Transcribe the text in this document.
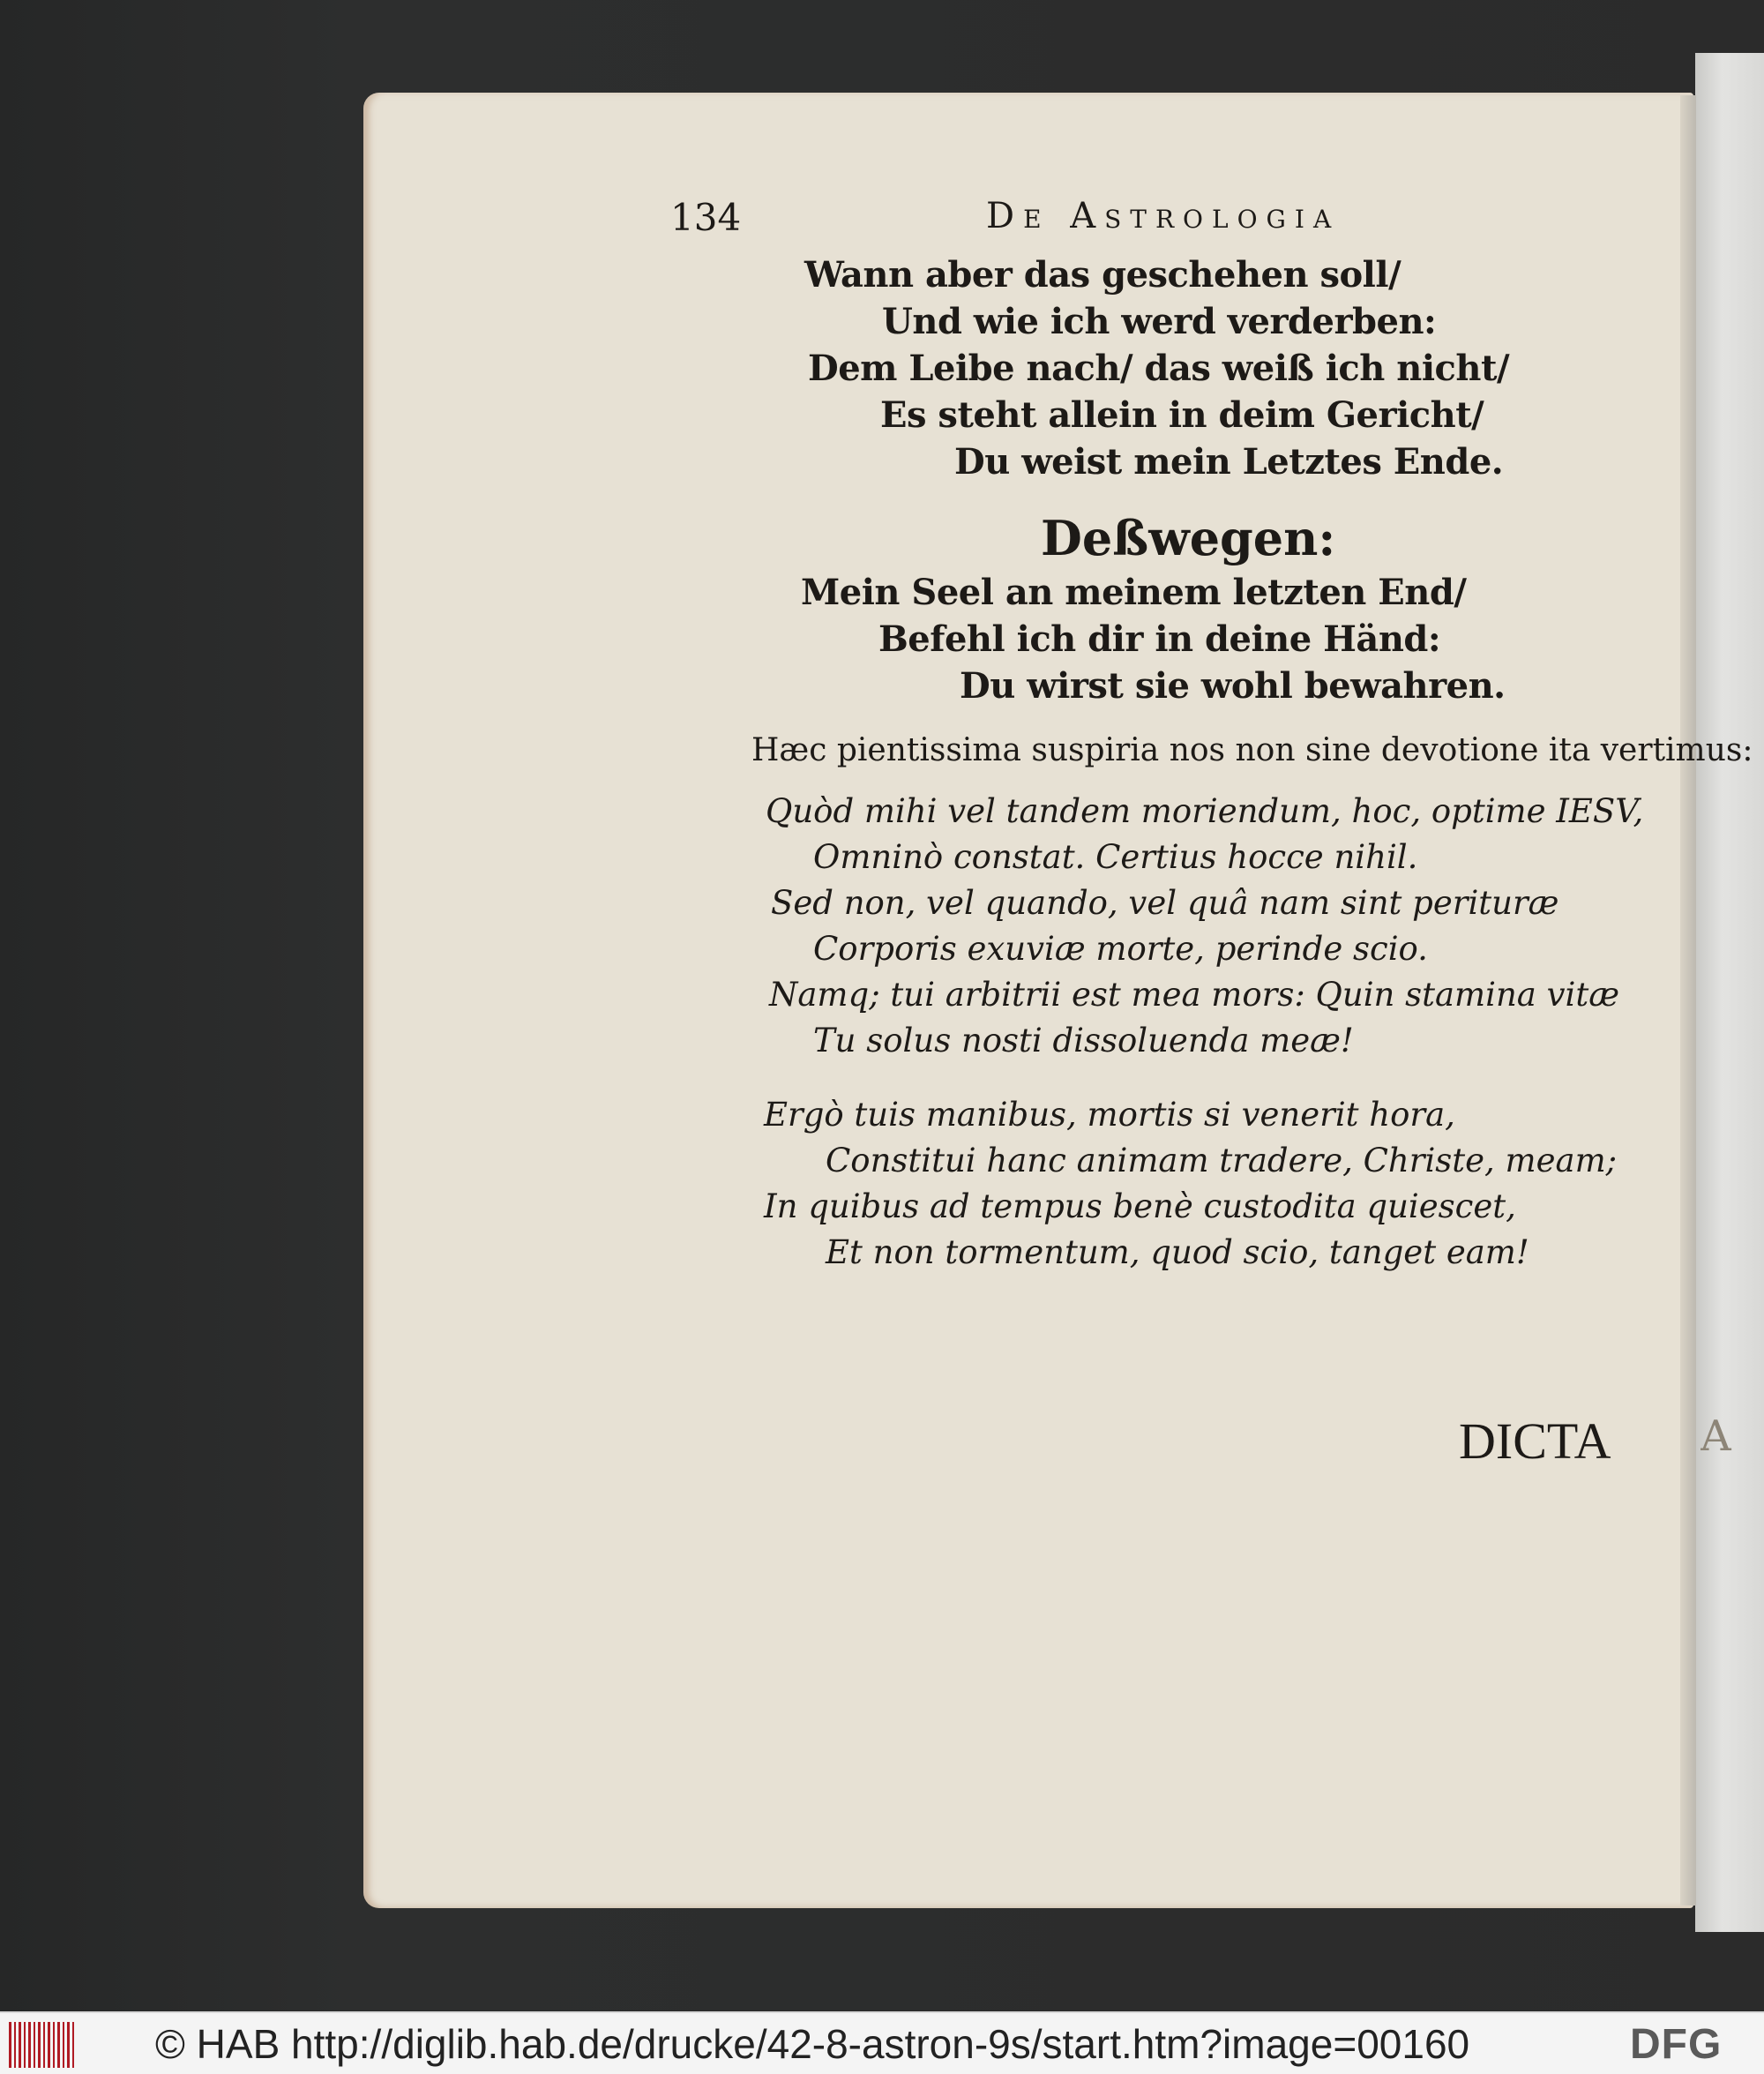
A
134	De Astrologia
Wann aber das geschehen soll/
Und wie ich werd verderben:
Dem Leibe nach/ das weiß ich nicht/
Es steht allein in deim Gericht/
Du weist mein Letztes Ende.
Deßwegen:
Mein Seel an meinem letzten End/
Befehl ich dir in deine Händ:
Du wirst sie wohl bewahren.
Hæc pientissima suspiria nos non sine devotione ita vertimus:
Quòd mihi vel tandem moriendum, hoc, optime IESV,
Omninò constat. Certius hocce nihil.
Sed non, vel quando, vel quâ nam sint perituræ
Corporis exuviæ morte, perinde scio.
Namq; tui arbitrii est mea mors: Quin stamina vitæ
Tu solus nosti dissoluenda meæ!
Ergò tuis manibus, mortis si venerit hora,
Constitui hanc animam tradere, Christe, meam;
In quibus ad tempus benè custodita quiescet,
Et non tormentum, quod scio, tanget eam!
DICTA
© HAB http://diglib.hab.de/drucke/42-8-astron-9s/start.htm?image=00160	DFG
